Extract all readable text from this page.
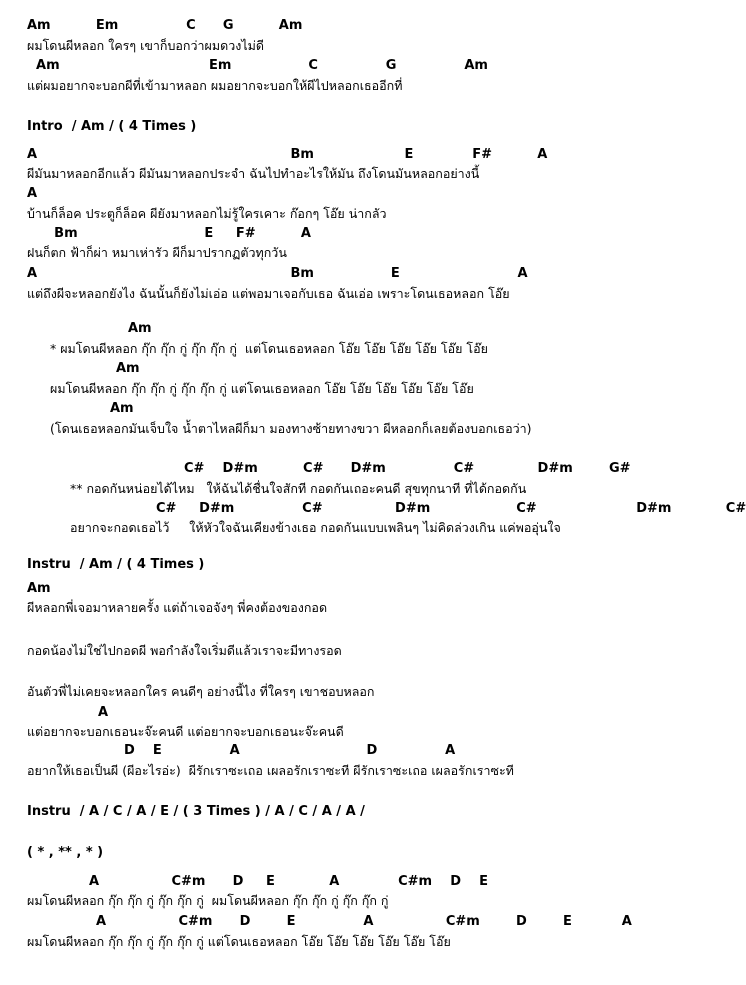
Am          Em               C      G          Am
ผมโดนผีหลอก ใครๆ เขาก็บอกว่าผมดวงไม่ดี
Am                                 Em                 C               G               Am
แต่ผมอยากจะบอกผีที่เข้ามาหลอก ผมอยากจะบอกให้ผีไปหลอกเธออีกที่
Intro  / Am / ( 4 Times )
A                                                        Bm                    E             F#          A
ผีมันมาหลอกอีกแล้ว ผีมันมาหลอกประจำ ฉันไปทำอะไรให้มัน ถึงโดนมันหลอกอย่างนี้
A
บ้านก็ล็อค ประตูก็ล็อค ผียังมาหลอกไม่รู้ใครเคาะ ก๊อกๆ โอ๊ย น่ากลัว
Bm                            E     F#          A
ฝนก็ตก ฟ้าก็ผ่า หมาเห่ารัว ผีก็มาปรากฏตัวทุกวัน
A                                                        Bm                 E                          A
แต่ถึงผีจะหลอกยังไง ฉันนั้นก็ยังไม่เอ่อ แต่พอมาเจอกับเธอ ฉันเอ่อ เพราะโดนเธอหลอก โอ๊ย
Am
* ผมโดนผีหลอก กุ๊ก กุ๊ก กู่ กุ๊ก กุ๊ก กู่  แต่โดนเธอหลอก โอ๊ย โอ๊ย โอ๊ย โอ๊ย โอ๊ย โอ๊ย
Am
ผมโดนผีหลอก กุ๊ก กุ๊ก กู่ กุ๊ก กุ๊ก กู่ แต่โดนเธอหลอก โอ๊ย โอ๊ย โอ๊ย โอ๊ย โอ๊ย โอ๊ย
Am
(โดนเธอหลอกมันเจ็บใจ น้ำตาไหลผีก็มา มองทางซ้ายทางขวา ผีหลอกก็เลยต้องบอกเธอว่า)
C#    D#m          C#      D#m               C#              D#m        G#
** กอดกันหน่อยได้ไหม   ให้ฉันได้ชื่นใจสักที กอดกันเถอะคนดี สุขทุกนาที ที่ได้กอดกัน
C#     D#m               C#                D#m                   C#                      D#m            C#
อยากจะกอดเธอไว้     ให้หัวใจฉันเคียงข้างเธอ กอดกันแบบเพลินๆ ไม่คิดล่วงเกิน แค่พออุ่นใจ
Instru  / Am / ( 4 Times )
Am
ผีหลอกพี่เจอมาหลายครั้ง แต่ถ้าเจอจังๆ พี่คงต้องของกอด
กอดน้องไม่ใช่ไปกอดผี พอกำลังใจเริ่มดีแล้วเราจะมีทางรอด
อันตัวพี่ไม่เคยจะหลอกใคร คนดีๆ อย่างนี้ไง ที่ใครๆ เขาชอบหลอก
A
แต่อยากจะบอกเธอนะจ๊ะคนดี แต่อยากจะบอกเธอนะจ๊ะคนดี
D    E               A                            D               A
อยากให้เธอเป็นผี (ผีอะไรอ่ะ)  ผีรักเราซะเถอ เผลอรักเราซะที ผีรักเราซะเถอ เผลอรักเราซะที
Instru  / A / C / A / E / ( 3 Times ) / A / C / A / A /
( * , ** , * )
A                C#m      D     E            A             C#m    D    E
ผมโดนผีหลอก กุ๊ก กุ๊ก กู่ กุ๊ก กุ๊ก กู่  ผมโดนผีหลอก กุ๊ก กุ๊ก กู่ กุ๊ก กุ๊ก กู่
A                C#m      D        E               A                C#m        D        E           A
ผมโดนผีหลอก กุ๊ก กุ๊ก กู่ กุ๊ก กุ๊ก กู่ แต่โดนเธอหลอก โอ๊ย โอ๊ย โอ๊ย โอ๊ย โอ๊ย โอ๊ย
